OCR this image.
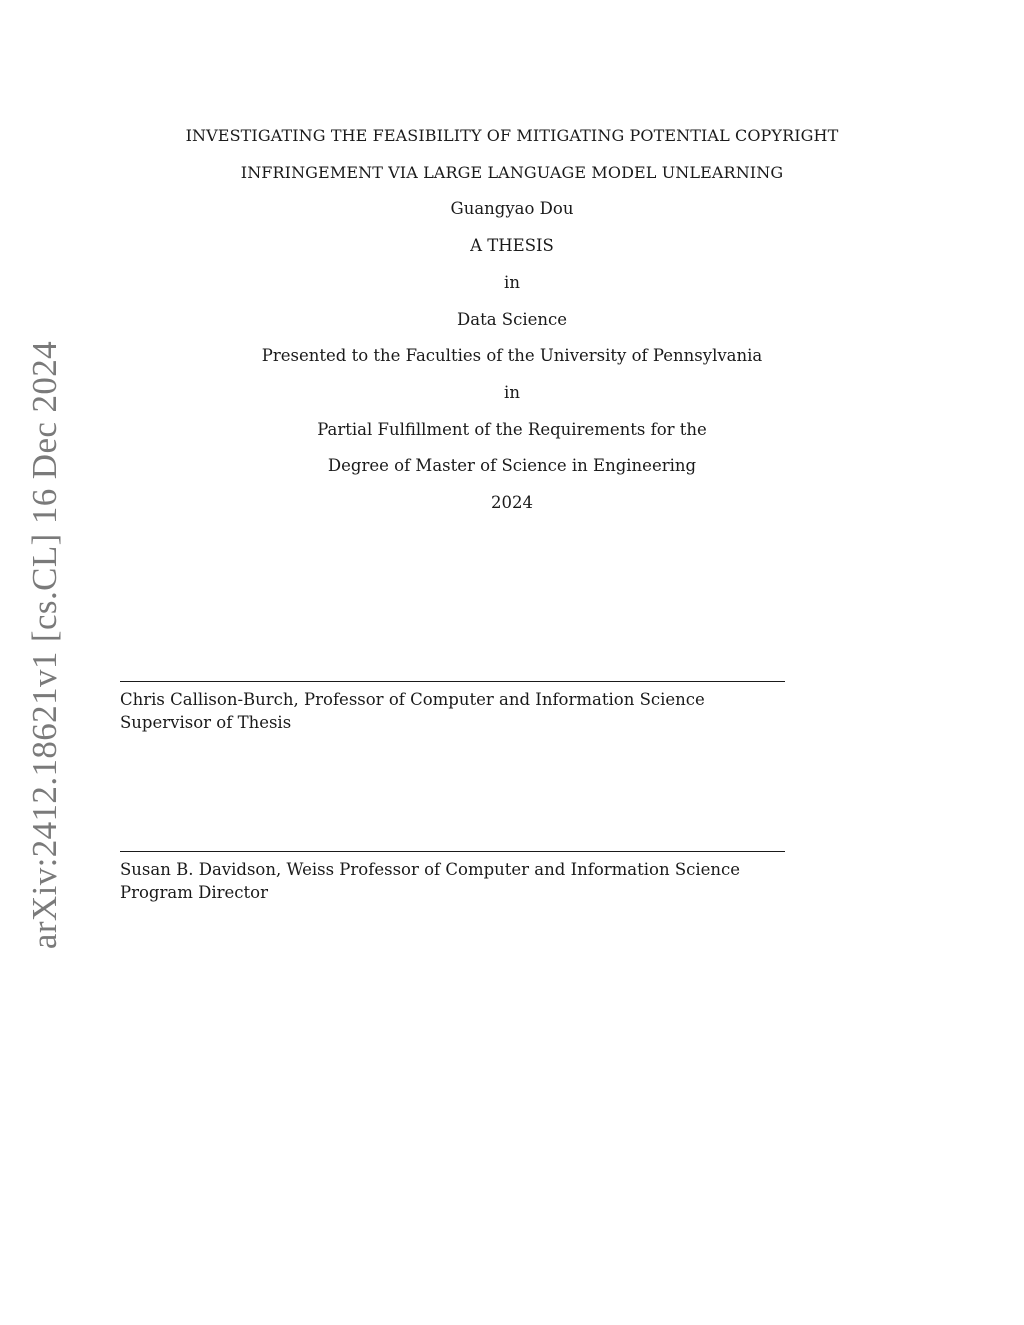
arXiv:2412.18621v1 [cs.CL] 16 Dec 2024
INVESTIGATING THE FEASIBILITY OF MITIGATING POTENTIAL COPYRIGHT
INFRINGEMENT VIA LARGE LANGUAGE MODEL UNLEARNING
Guangyao Dou
A THESIS
in
Data Science
Presented to the Faculties of the University of Pennsylvania
in
Partial Fulfillment of the Requirements for the
Degree of Master of Science in Engineering
2024
Chris Callison-Burch, Professor of Computer and Information Science
Supervisor of Thesis
Susan B. Davidson, Weiss Professor of Computer and Information Science
Program Director
